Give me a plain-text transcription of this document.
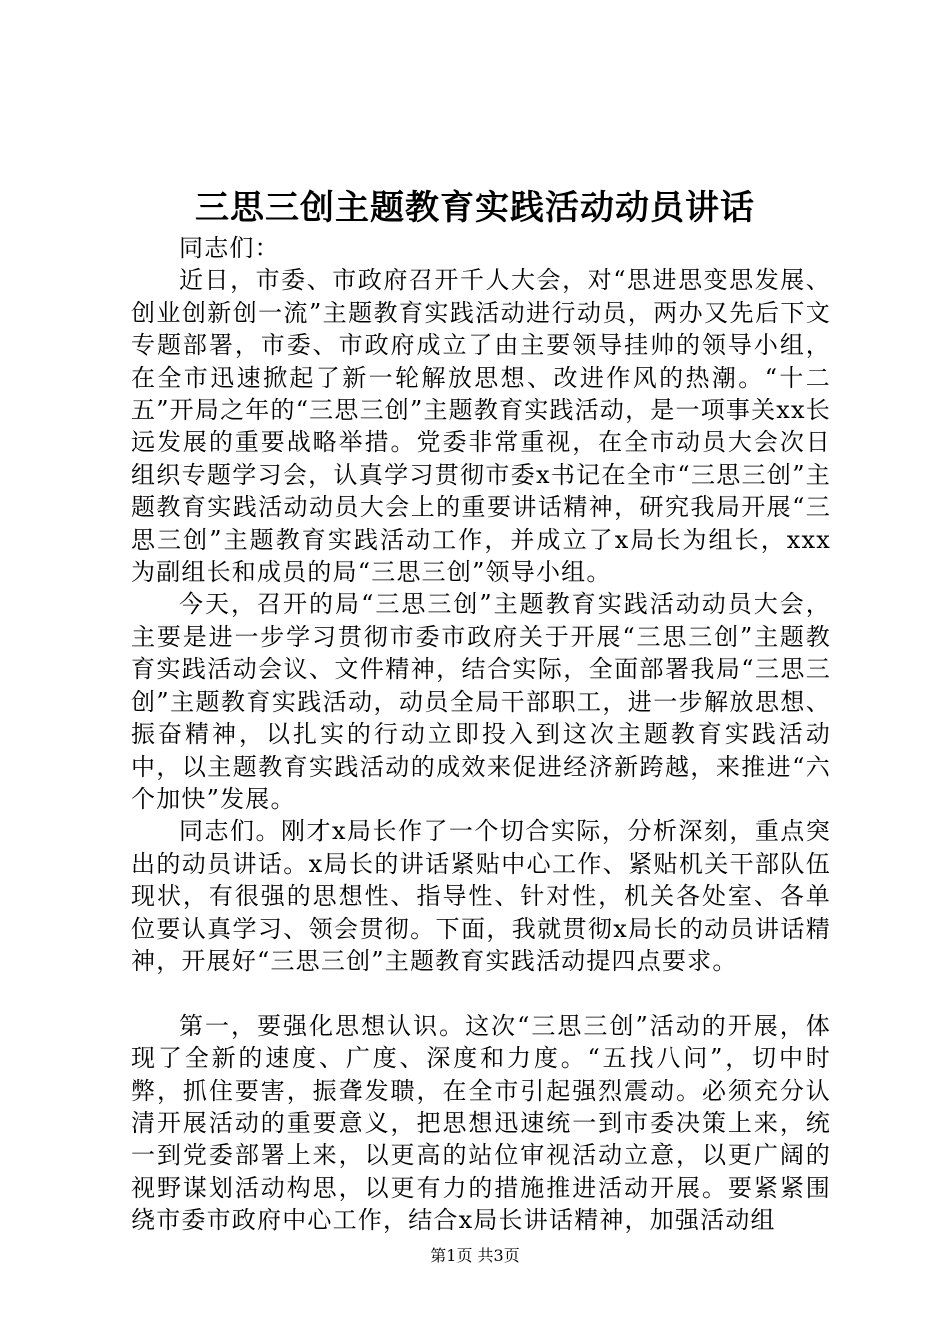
三思三创主题教育实践活动动员讲话

同志们：

近日，市委、市政府召开千人大会，对“思进思变思发展、创业创新创一流”主题教育实践活动进行动员，两办又先后下文专题部署，市委、市政府成立了由主要领导挂帅的领导小组，在全市迅速掀起了新一轮解放思想、改进作风的热潮。“十二五”开局之年的“三思三创”主题教育实践活动，是一项事关xx长远发展的重要战略举措。党委非常重视，在全市动员大会次日组织专题学习会，认真学习贯彻市委x书记在全市“三思三创”主题教育实践活动动员大会上的重要讲话精神，研究我局开展“三思三创”主题教育实践活动工作，并成立了x局长为组长，xxx为副组长和成员的局“三思三创”领导小组。

今天，召开的局“三思三创”主题教育实践活动动员大会，主要是进一步学习贯彻市委市政府关于开展“三思三创”主题教育实践活动会议、文件精神，结合实际，全面部署我局“三思三创”主题教育实践活动，动员全局干部职工，进一步解放思想、振奋精神，以扎实的行动立即投入到这次主题教育实践活动中，以主题教育实践活动的成效来促进经济新跨越，来推进“六个加快”发展。

同志们。刚才x局长作了一个切合实际，分析深刻，重点突出的动员讲话。x局长的讲话紧贴中心工作、紧贴机关干部队伍现状，有很强的思想性、指导性、针对性，机关各处室、各单位要认真学习、领会贯彻。下面，我就贯彻x局长的动员讲话精神，开展好“三思三创”主题教育实践活动提四点要求。

第一，要强化思想认识。这次“三思三创”活动的开展，体现了全新的速度、广度、深度和力度。“五找八问”，切中时弊，抓住要害，振聋发聩，在全市引起强烈震动。必须充分认清开展活动的重要意义，把思想迅速统一到市委决策上来，统一到党委部署上来，以更高的站位审视活动立意，以更广阔的视野谋划活动构思，以更有力的措施推进活动开展。要紧紧围绕市委市政府中心工作，结合x局长讲话精神，加强活动组

第1页 共3页
